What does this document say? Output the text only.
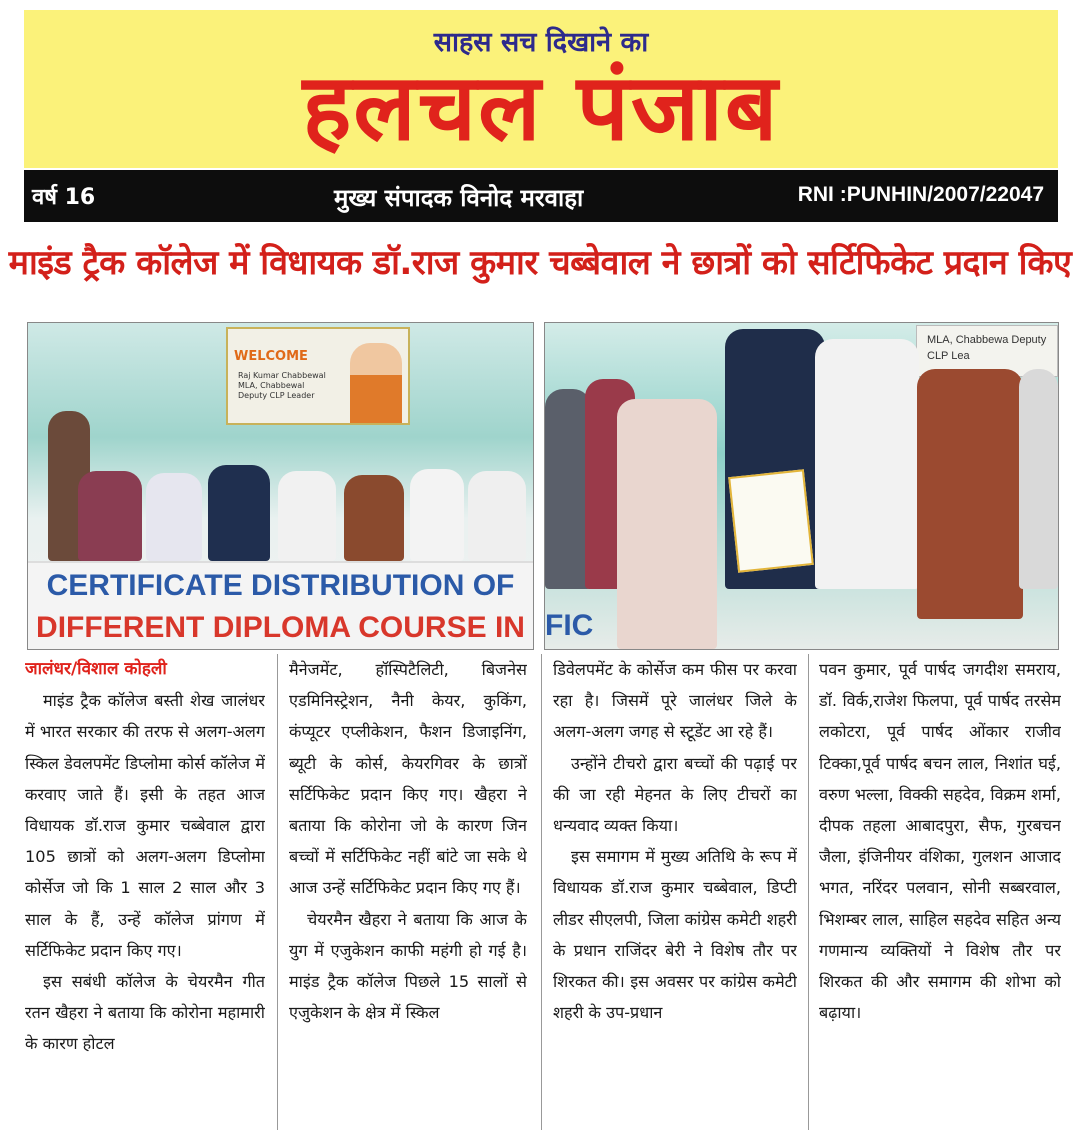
साहस सच दिखाने का
हलचल पंजाब
वर्ष 16	मुख्य संपादक विनोद मरवाहा	RNI :PUNHIN/2007/22047
माइंड ट्रैक कॉलेज में विधायक डॉ.राज कुमार चब्बेवाल ने छात्रों को सर्टिफिकेट प्रदान किए
WELCOME
Raj Kumar Chabbewal MLA, Chabbewal Deputy CLP Leader
CERTIFICATE DISTRIBUTION OF
DIFFERENT DIPLOMA COURSE IN
MLA, Chabbewa Deputy CLP Lea
FIC

जालंधर/विशाल कोहली

माइंड ट्रैक कॉलेज बस्ती शेख जालंधर में भारत सरकार की तरफ से अलग-अलग स्किल डेवलपमेंट डिप्लोमा कोर्स कॉलेज में करवाए जाते हैं। इसी के तहत आज विधायक डॉ.राज कुमार चब्बेवाल द्वारा 105 छात्रों को अलग-अलग डिप्लोमा कोर्सेज जो कि 1 साल 2 साल और 3 साल के हैं, उन्हें कॉलेज प्रांगण में सर्टिफिकेट प्रदान किए गए।

इस सबंधी कॉलेज के चेयरमैन गीत रतन खैहरा ने बताया कि कोरोना महामारी के कारण होटल

मैनेजमेंट, हॉस्पिटैलिटी, बिजनेस एडमिनिस्ट्रेशन, नैनी केयर, कुकिंग, कंप्यूटर एप्लीकेशन, फैशन डिजाइनिंग, ब्यूटी के कोर्स, केयरगिवर के छात्रों सर्टिफिकेट प्रदान किए गए। खैहरा ने बताया कि कोरोना जो के कारण जिन बच्चों में सर्टिफिकेट नहीं बांटे जा सके थे आज उन्हें सर्टिफिकेट प्रदान किए गए हैं।

चेयरमैन खैहरा ने बताया कि आज के युग में एजुकेशन काफी महंगी हो गई है। माइंड ट्रैक कॉलेज पिछले 15 सालों से एजुकेशन के क्षेत्र में स्किल

डिवेलपमेंट के कोर्सेज कम फीस पर करवा रहा है। जिसमें पूरे जालंधर जिले के अलग-अलग जगह से स्टूडेंट आ रहे हैं।

उन्होंने टीचरो द्वारा बच्चों की पढ़ाई पर की जा रही मेहनत के लिए टीचरों का धन्यवाद व्यक्त किया।

इस समागम में मुख्य अतिथि के रूप में विधायक डॉ.राज कुमार चब्बेवाल, डिप्टी लीडर सीएलपी, जिला कांग्रेस कमेटी शहरी के प्रधान राजिंदर बेरी ने विशेष तौर पर शिरकत की। इस अवसर पर कांग्रेस कमेटी शहरी के उप-प्रधान

पवन कुमार, पूर्व पार्षद जगदीश समराय, डॉ. विर्क,राजेश फिलपा, पूर्व पार्षद तरसेम लकोटरा, पूर्व पार्षद ओंकार राजीव टिक्का,पूर्व पार्षद बचन लाल, निशांत घई, वरुण भल्ला, विक्की सहदेव, विक्रम शर्मा, दीपक तहला आबादपुरा, सैफ, गुरबचन जैला, इंजिनीयर वंशिका, गुलशन आजाद भगत, नरिंदर पलवान, सोनी सब्बरवाल, भिशम्बर लाल, साहिल सहदेव सहित अन्य गणमान्य व्यक्तियों ने विशेष तौर पर शिरकत की और समागम की शोभा को बढ़ाया।
